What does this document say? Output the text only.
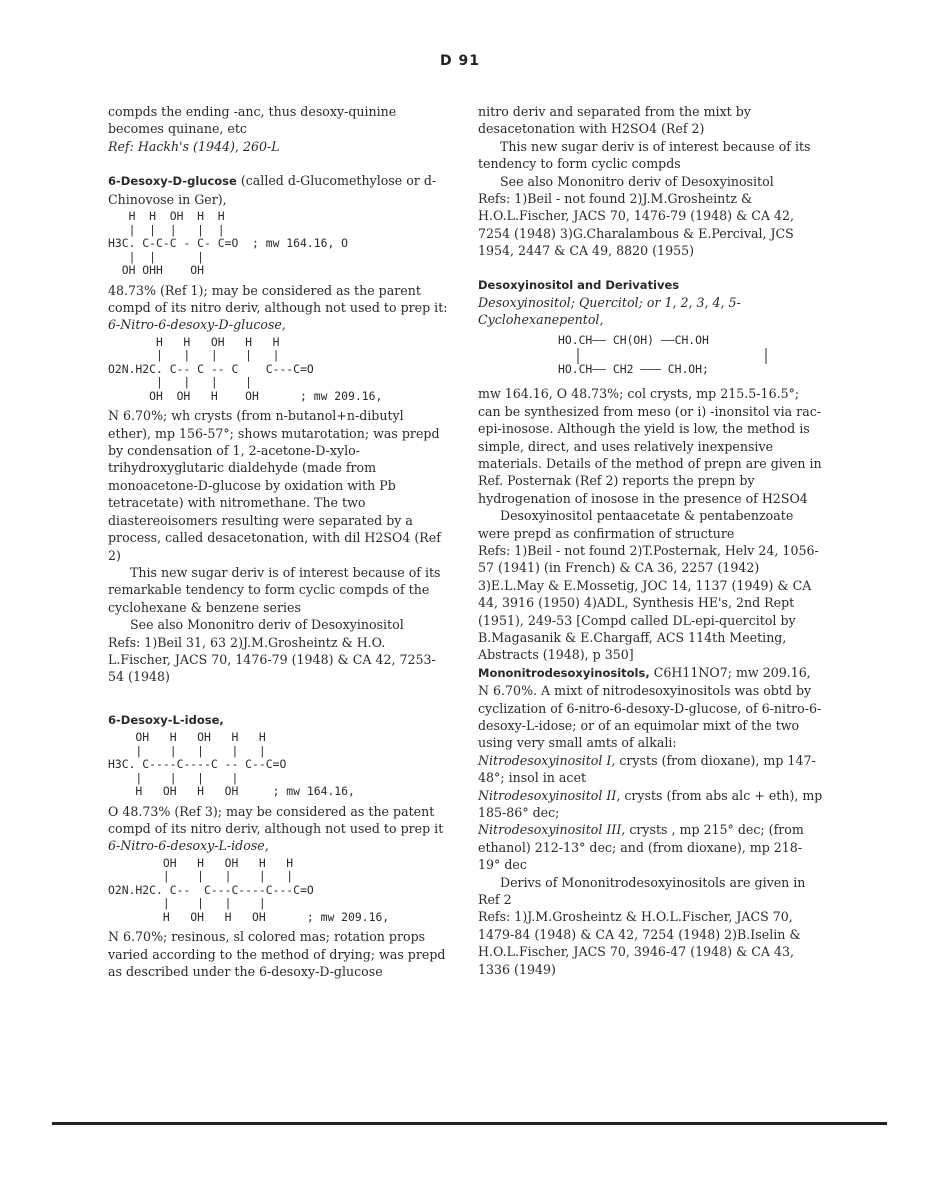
D 91

compds the ending -anc, thus desoxy-quinine

becomes quinane, etc

Ref: Hackh's (1944), 260-L

6-Desoxy-D-glucose (called d-Glucomethylose or d-Chinovose in Ger),

H  H  OH  H  H
|  |  |   |  |
H3C. C-C-C - C- C=O  ; mw 164.16, O
|  |      |
OH OHH    OH

48.73% (Ref 1); may be considered as the parent compd of its nitro deriv, although not used to prep it:

6-Nitro-6-desoxy-D-glucose,

H   H   OH   H   H
|   |   |    |   |
O2N.H2C. C-- C -- C    C---C=O
|   |   |    |
OH  OH   H    OH      ; mw 209.16,

N 6.70%; wh crysts (from n-butanol+n-dibutyl ether), mp 156-57°; shows mutarotation; was prepd by condensation of 1, 2-acetone-D-xylo-trihydroxyglutaric dialdehyde (made from monoacetone-D-glucose by oxidation with Pb tetracetate) with nitromethane. The two diastereoisomers resulting were separated by a process, called desacetonation, with dil H2SO4 (Ref 2)

This new sugar deriv is of interest because of its remarkable tendency to form cyclic compds of the cyclohexane & benzene series

See also Mononitro deriv of Desoxyinositol

Refs: 1)Beil 31, 63 2)J.M.Grosheintz & H.O. L.Fischer, JACS 70, 1476-79 (1948) & CA 42, 7253-54 (1948)

6-Desoxy-L-idose,

OH   H   OH   H   H
|    |   |    |   |
H3C. C----C----C -- C--C=O
|    |   |    |
H   OH   H   OH     ; mw 164.16,

O 48.73% (Ref 3); may be considered as the patent compd of its nitro deriv, although not used to prep it

6-Nitro-6-desoxy-L-idose,

OH   H   OH   H   H
|    |   |    |   |
O2N.H2C. C--  C---C----C---C=O
|    |   |    |
H   OH   H   OH      ; mw 209.16,

N 6.70%; resinous, sl colored mas; rotation props varied according to the method of drying; was prepd as described under the 6-desoxy-D-glucose

nitro deriv and separated from the mixt by desacetonation with H2SO4 (Ref 2)

This new sugar deriv is of interest because of its tendency to form cyclic compds

See also Mononitro deriv of Desoxyinositol

Refs: 1)Beil - not found 2)J.M.Grosheintz & H.O.L.Fischer, JACS 70, 1476-79 (1948) & CA 42, 7254 (1948) 3)G.Charalambous & E.Percival, JCS 1954, 2447 & CA 49, 8820 (1955)

Desoxyinositol and Derivatives

Desoxyinositol; Quercitol; or 1, 2, 3, 4, 5-Cyclohexanepentol,

HO.CH—— CH(OH) ——CH.OH
HO.CH—— CH2 ——— CH.OH;

mw 164.16, O 48.73%; col crysts, mp 215.5-16.5°; can be synthesized from meso (or i) -inonsitol via rac-epi-inosose. Although the yield is low, the method is simple, direct, and uses relatively inexpensive materials. Details of the method of prepn are given in Ref. Posternak (Ref 2) reports the prepn by hydrogenation of inosose in the presence of H2SO4

Desoxyinositol pentaacetate & pentabenzoate were prepd as confirmation of structure

Refs: 1)Beil - not found 2)T.Posternak, Helv 24, 1056-57 (1941) (in French) & CA 36, 2257 (1942) 3)E.L.May & E.Mossetig, JOC 14, 1137 (1949) & CA 44, 3916 (1950) 4)ADL, Synthesis HE's, 2nd Rept (1951), 249-53 [Compd called DL-epi-quercitol by B.Magasanik & E.Chargaff, ACS 114th Meeting, Abstracts (1948), p 350]

Mononitrodesoxyinositols, C6H11NO7; mw 209.16, N 6.70%. A mixt of nitrodesoxyinositols was obtd by cyclization of 6-nitro-6-desoxy-D-glucose, of 6-nitro-6-desoxy-L-idose; or of an equimolar mixt of the two using very small amts of alkali:

Nitrodesoxyinositol I, crysts (from dioxane), mp 147-48°; insol in acet

Nitrodesoxyinositol II, crysts (from abs alc + eth), mp 185-86° dec;

Nitrodesoxyinositol III, crysts , mp 215° dec; (from ethanol) 212-13° dec; and (from dioxane), mp 218-19° dec

Derivs of Mononitrodesoxyinositols are given in Ref 2

Refs: 1)J.M.Grosheintz & H.O.L.Fischer, JACS 70, 1479-84 (1948) & CA 42, 7254 (1948) 2)B.Iselin & H.O.L.Fischer, JACS 70, 3946-47 (1948) & CA 43, 1336 (1949)
